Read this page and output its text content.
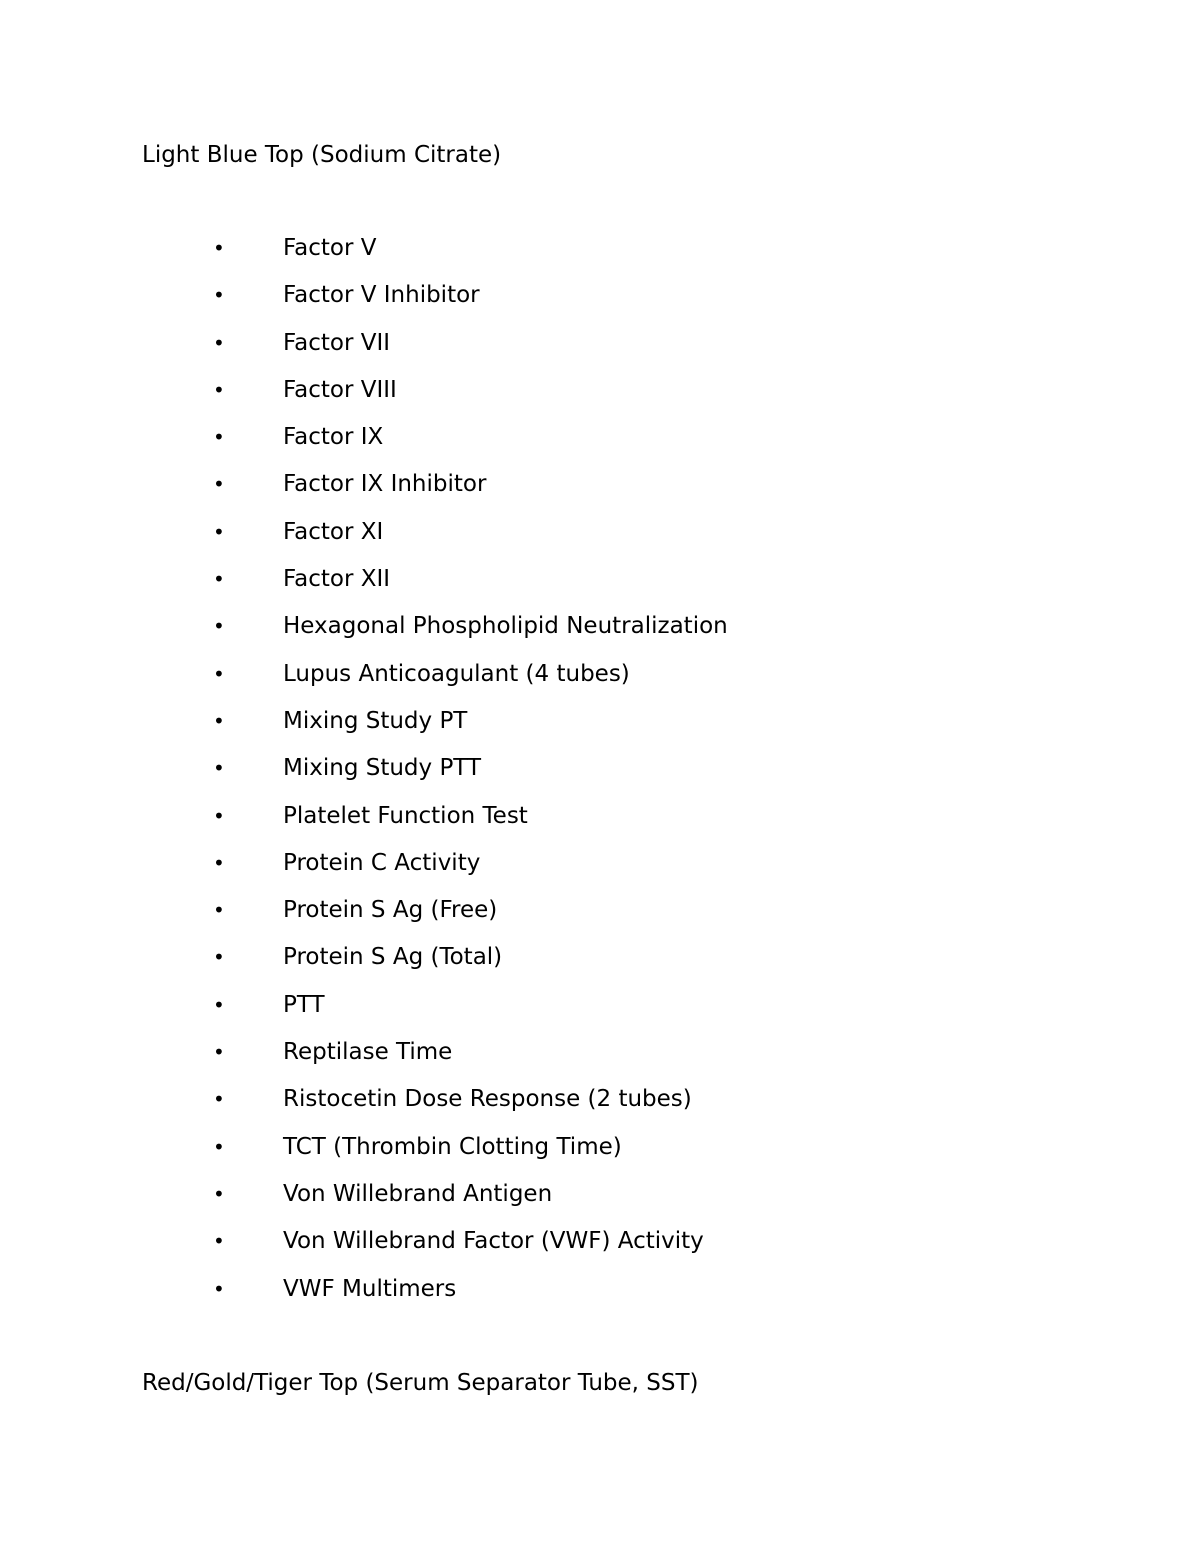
Light Blue Top (Sodium Citrate)
•	Factor V
•	Factor V Inhibitor
•	Factor VII
•	Factor VIII
•	Factor IX
•	Factor IX Inhibitor
•	Factor XI
•	Factor XII
•	Hexagonal Phospholipid Neutralization
•	Lupus Anticoagulant (4 tubes)
•	Mixing Study PT
•	Mixing Study PTT
•	Platelet Function Test
•	Protein C Activity
•	Protein S Ag (Free)
•	Protein S Ag (Total)
•	PTT
•	Reptilase Time
•	Ristocetin Dose Response (2 tubes)
•	TCT (Thrombin Clotting Time)
•	Von Willebrand Antigen
•	Von Willebrand Factor (VWF) Activity
•	VWF Multimers
Red/Gold/Tiger Top (Serum Separator Tube, SST)
